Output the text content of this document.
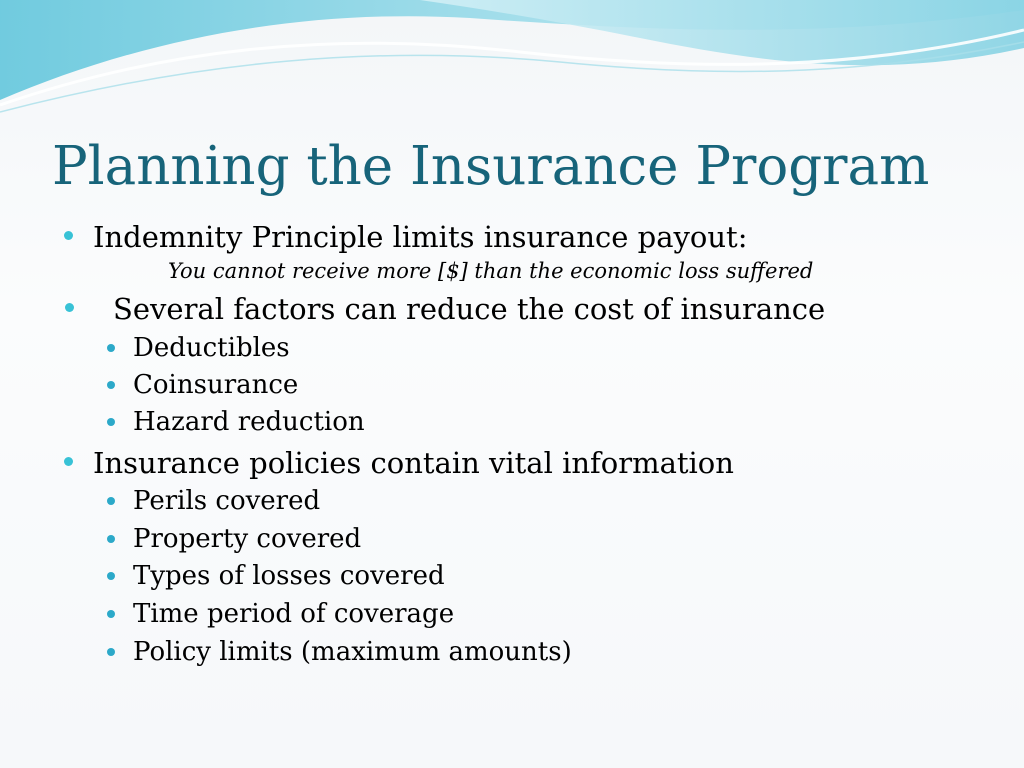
Planning the Insurance Program
Indemnity Principle limits insurance payout:
You cannot receive more [$] than the economic loss suffered
Several factors can reduce the cost of insurance
Deductibles
Coinsurance
Hazard reduction
Insurance policies contain vital information
Perils covered
Property covered
Types of losses covered
Time period of coverage
Policy limits (maximum amounts)
